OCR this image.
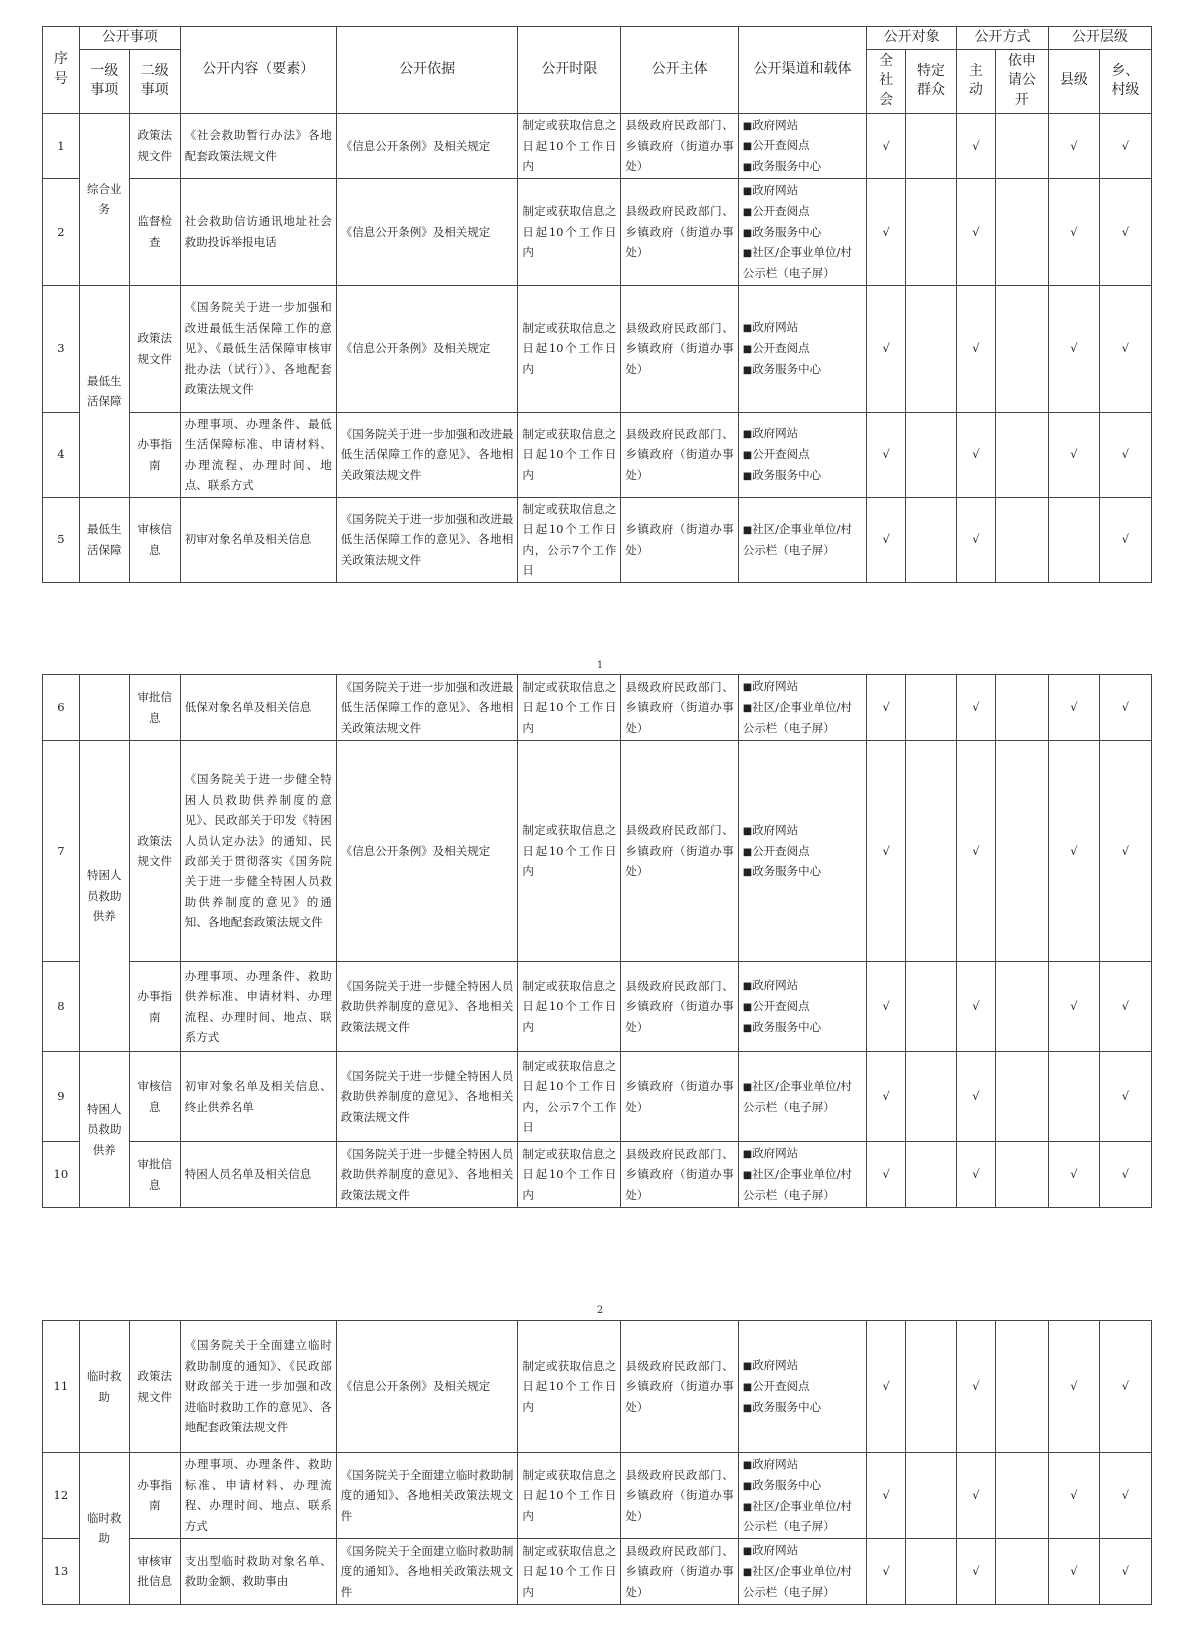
序号	公开事项		公开内容（要素）	公开依据	公开时限	公开主体	公开渠道和载体	公开对象		公开方式		公开层级	
	一级事项	二级事项						全社会	特定群众	主动	依申请公开	县级	乡、村级
1	综合业务	政策法规文件	《社会救助暂行办法》各地配套政策法规文件	《信息公开条例》及相关规定	制定或获取信息之日起10个工作日内	县级政府民政部门、乡镇政府（街道办事处）	■政府网站
■公开查阅点
■政务服务中心	√		√		√	√
2		监督检查	社会救助信访通讯地址社会救助投诉举报电话	《信息公开条例》及相关规定	制定或获取信息之日起10个工作日内	县级政府民政部门、乡镇政府（街道办事处）	■政府网站
■公开查阅点
■政务服务中心
■社区/企事业单位/村公示栏（电子屏）	√		√		√	√
3	最低生活保障	政策法规文件	《国务院关于进一步加强和改进最低生活保障工作的意见》、《最低生活保障审核审批办法（试行）》、各地配套政策法规文件	《信息公开条例》及相关规定	制定或获取信息之日起10个工作日内	县级政府民政部门、乡镇政府（街道办事处）	■政府网站
■公开查阅点
■政务服务中心	√		√		√	√
4		办事指南	办理事项、办理条件、最低生活保障标准、申请材料、办理流程、办理时间、地点、联系方式	《国务院关于进一步加强和改进最低生活保障工作的意见》、各地相关政策法规文件	制定或获取信息之日起10个工作日内	县级政府民政部门、乡镇政府（街道办事处）	■政府网站
■公开查阅点
■政务服务中心	√		√		√	√
5	最低生活保障	审核信息	初审对象名单及相关信息	《国务院关于进一步加强和改进最低生活保障工作的意见》、各地相关政策法规文件	制定或获取信息之日起10个工作日内，公示7个工作日	乡镇政府（街道办事处）	■社区/企事业单位/村公示栏（电子屏）	√		√			√
1
6		审批信息	低保对象名单及相关信息	《国务院关于进一步加强和改进最低生活保障工作的意见》、各地相关政策法规文件	制定或获取信息之日起10个工作日内	县级政府民政部门、乡镇政府（街道办事处）	■政府网站
■社区/企事业单位/村公示栏（电子屏）	√		√		√	√
7	特困人员救助供养	政策法规文件	《国务院关于进一步健全特困人员救助供养制度的意见》、民政部关于印发《特困人员认定办法》的通知、民政部关于贯彻落实《国务院关于进一步健全特困人员救助供养制度的意见》的通知、各地配套政策法规文件	《信息公开条例》及相关规定	制定或获取信息之日起10个工作日内	县级政府民政部门、乡镇政府（街道办事处）	■政府网站
■公开查阅点
■政务服务中心	√		√		√	√
8		办事指南	办理事项、办理条件、救助供养标准、申请材料、办理流程、办理时间、地点、联系方式	《国务院关于进一步健全特困人员救助供养制度的意见》、各地相关政策法规文件	制定或获取信息之日起10个工作日内	县级政府民政部门、乡镇政府（街道办事处）	■政府网站
■公开查阅点
■政务服务中心	√		√		√	√
9	特困人员救助供养	审核信息	初审对象名单及相关信息、终止供养名单	《国务院关于进一步健全特困人员救助供养制度的意见》、各地相关政策法规文件	制定或获取信息之日起10个工作日内，公示7个工作日	乡镇政府（街道办事处）	■社区/企事业单位/村公示栏（电子屏）	√		√			√
10		审批信息	特困人员名单及相关信息	《国务院关于进一步健全特困人员救助供养制度的意见》、各地相关政策法规文件	制定或获取信息之日起10个工作日内	县级政府民政部门、乡镇政府（街道办事处）	■政府网站
■社区/企事业单位/村公示栏（电子屏）	√		√		√	√
2
11	临时救助	政策法规文件	《国务院关于全面建立临时救助制度的通知》、《民政部 财政部关于进一步加强和改进临时救助工作的意见》、各地配套政策法规文件	《信息公开条例》及相关规定	制定或获取信息之日起10个工作日内	县级政府民政部门、乡镇政府（街道办事处）	■政府网站
■公开查阅点
■政务服务中心	√		√		√	√
12	临时救助	办事指南	办理事项、办理条件、救助标准、申请材料、办理流程、办理时间、地点、联系方式	《国务院关于全面建立临时救助制度的通知》、各地相关政策法规文件	制定或获取信息之日起10个工作日内	县级政府民政部门、乡镇政府（街道办事处）	■政府网站
■政务服务中心
■社区/企事业单位/村公示栏（电子屏）	√		√		√	√
13		审核审批信息	支出型临时救助对象名单、救助金额、救助事由	《国务院关于全面建立临时救助制度的通知》、各地相关政策法规文件	制定或获取信息之日起10个工作日内	县级政府民政部门、乡镇政府（街道办事处）	■政府网站
■社区/企事业单位/村公示栏（电子屏）	√		√		√	√
